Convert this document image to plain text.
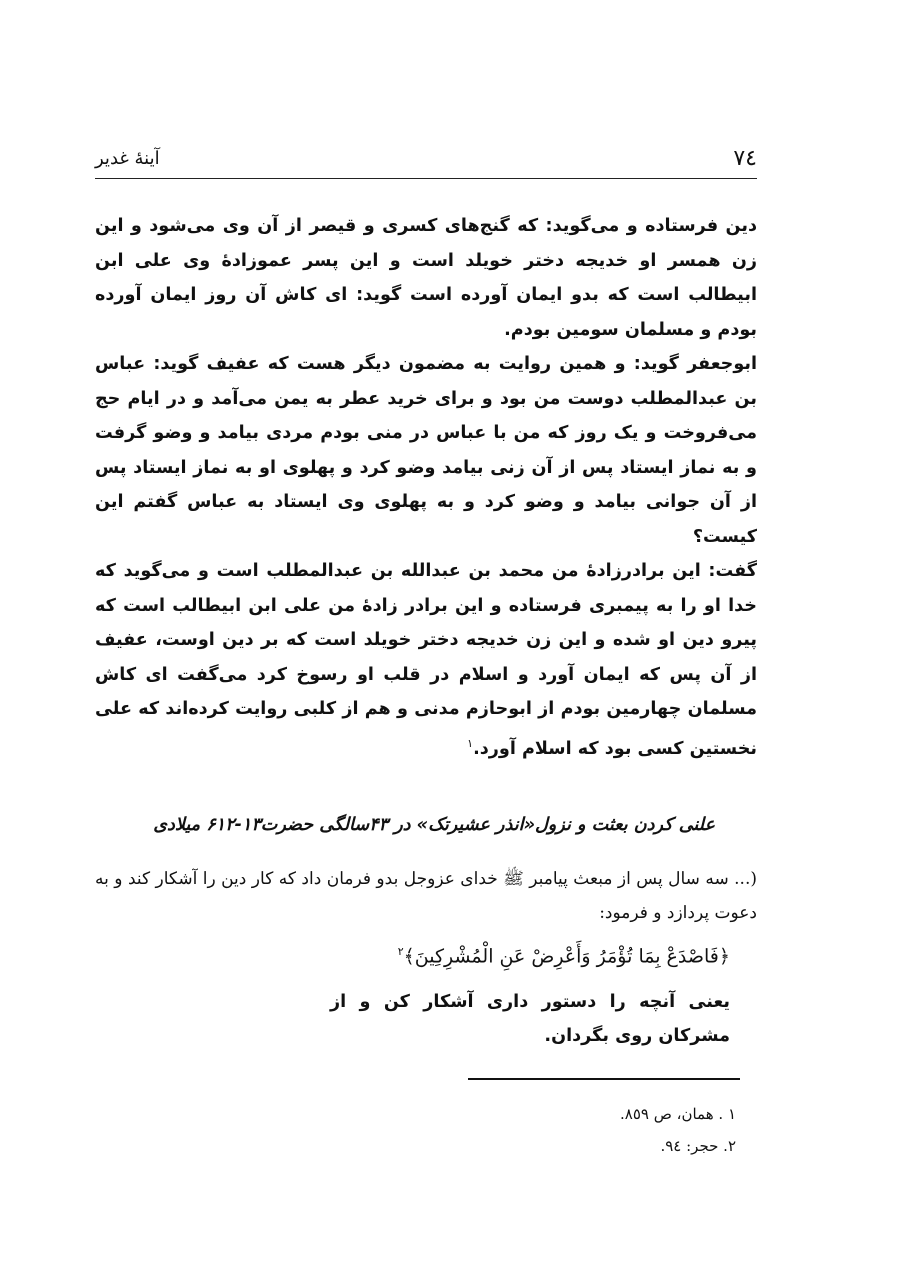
٧٤
آينۀ غدير

دين فرستاده و مى‌گويد: كه گنج‌هاى كسرى و قيصر از آن وى مى‌شود و اين زن همسر او خديجه دختر خويلد است و اين پسر عموزادۀ وى على ابن ابيطالب است كه بدو ايمان آورده است گويد: اى كاش آن روز ايمان آورده بودم و مسلمان سومين بودم.

ابوجعفر گويد: و همين روايت به مضمون ديگر هست كه عفيف گويد: عباس بن عبدالمطلب دوست من بود و براى خريد عطر به يمن مى‌آمد و در ايام حج مى‌فروخت و يک روز كه من با عباس در منى بودم مردى بيامد و وضو گرفت و به نماز ايستاد پس از آن زنى بيامد وضو كرد و پهلوى او به نماز ايستاد پس از آن جوانى بيامد و وضو كرد و به پهلوى وى ايستاد به عباس گفتم اين كيست؟

گفت: اين برادرزادۀ من محمد بن عبدالله بن عبدالمطلب است و مى‌گويد كه خدا او را به پيمبرى فرستاده و اين برادر زادۀ من على ابن ابيطالب است كه پيرو دين او شده و اين زن خديجه دختر خويلد است كه بر دين اوست، عفيف از آن پس كه ايمان آورد و اسلام در قلب او رسوخ كرد مى‌گفت اى كاش مسلمان چهارمين بودم از ابوحازم مدنى و هم از كلبى روايت كرده‌اند كه على نخستين كسى بود كه اسلام آورد.$^١$

علنى كردن بعثت و نزول«انذر عشيرتک» در ۴۳سالگى حضرت۱۳-۶۱۲ ميلادى
(... سه سال پس از مبعث پيامبر ﷺ خداى عزوجل بدو فرمان داد كه كار دين را آشكار كند و به دعوت پردازد و فرمود:
﴿فَاصْدَعْ بِمَا تُؤْمَرُ وَأَعْرِضْ عَنِ الْمُشْرِكِينَ﴾$^٢$
يعنى آنچه را دستور دارى آشكار كن و از مشركان روى بگردان.
١ . همان، ص ٨٥٩.
٢. حجر: ٩٤.
